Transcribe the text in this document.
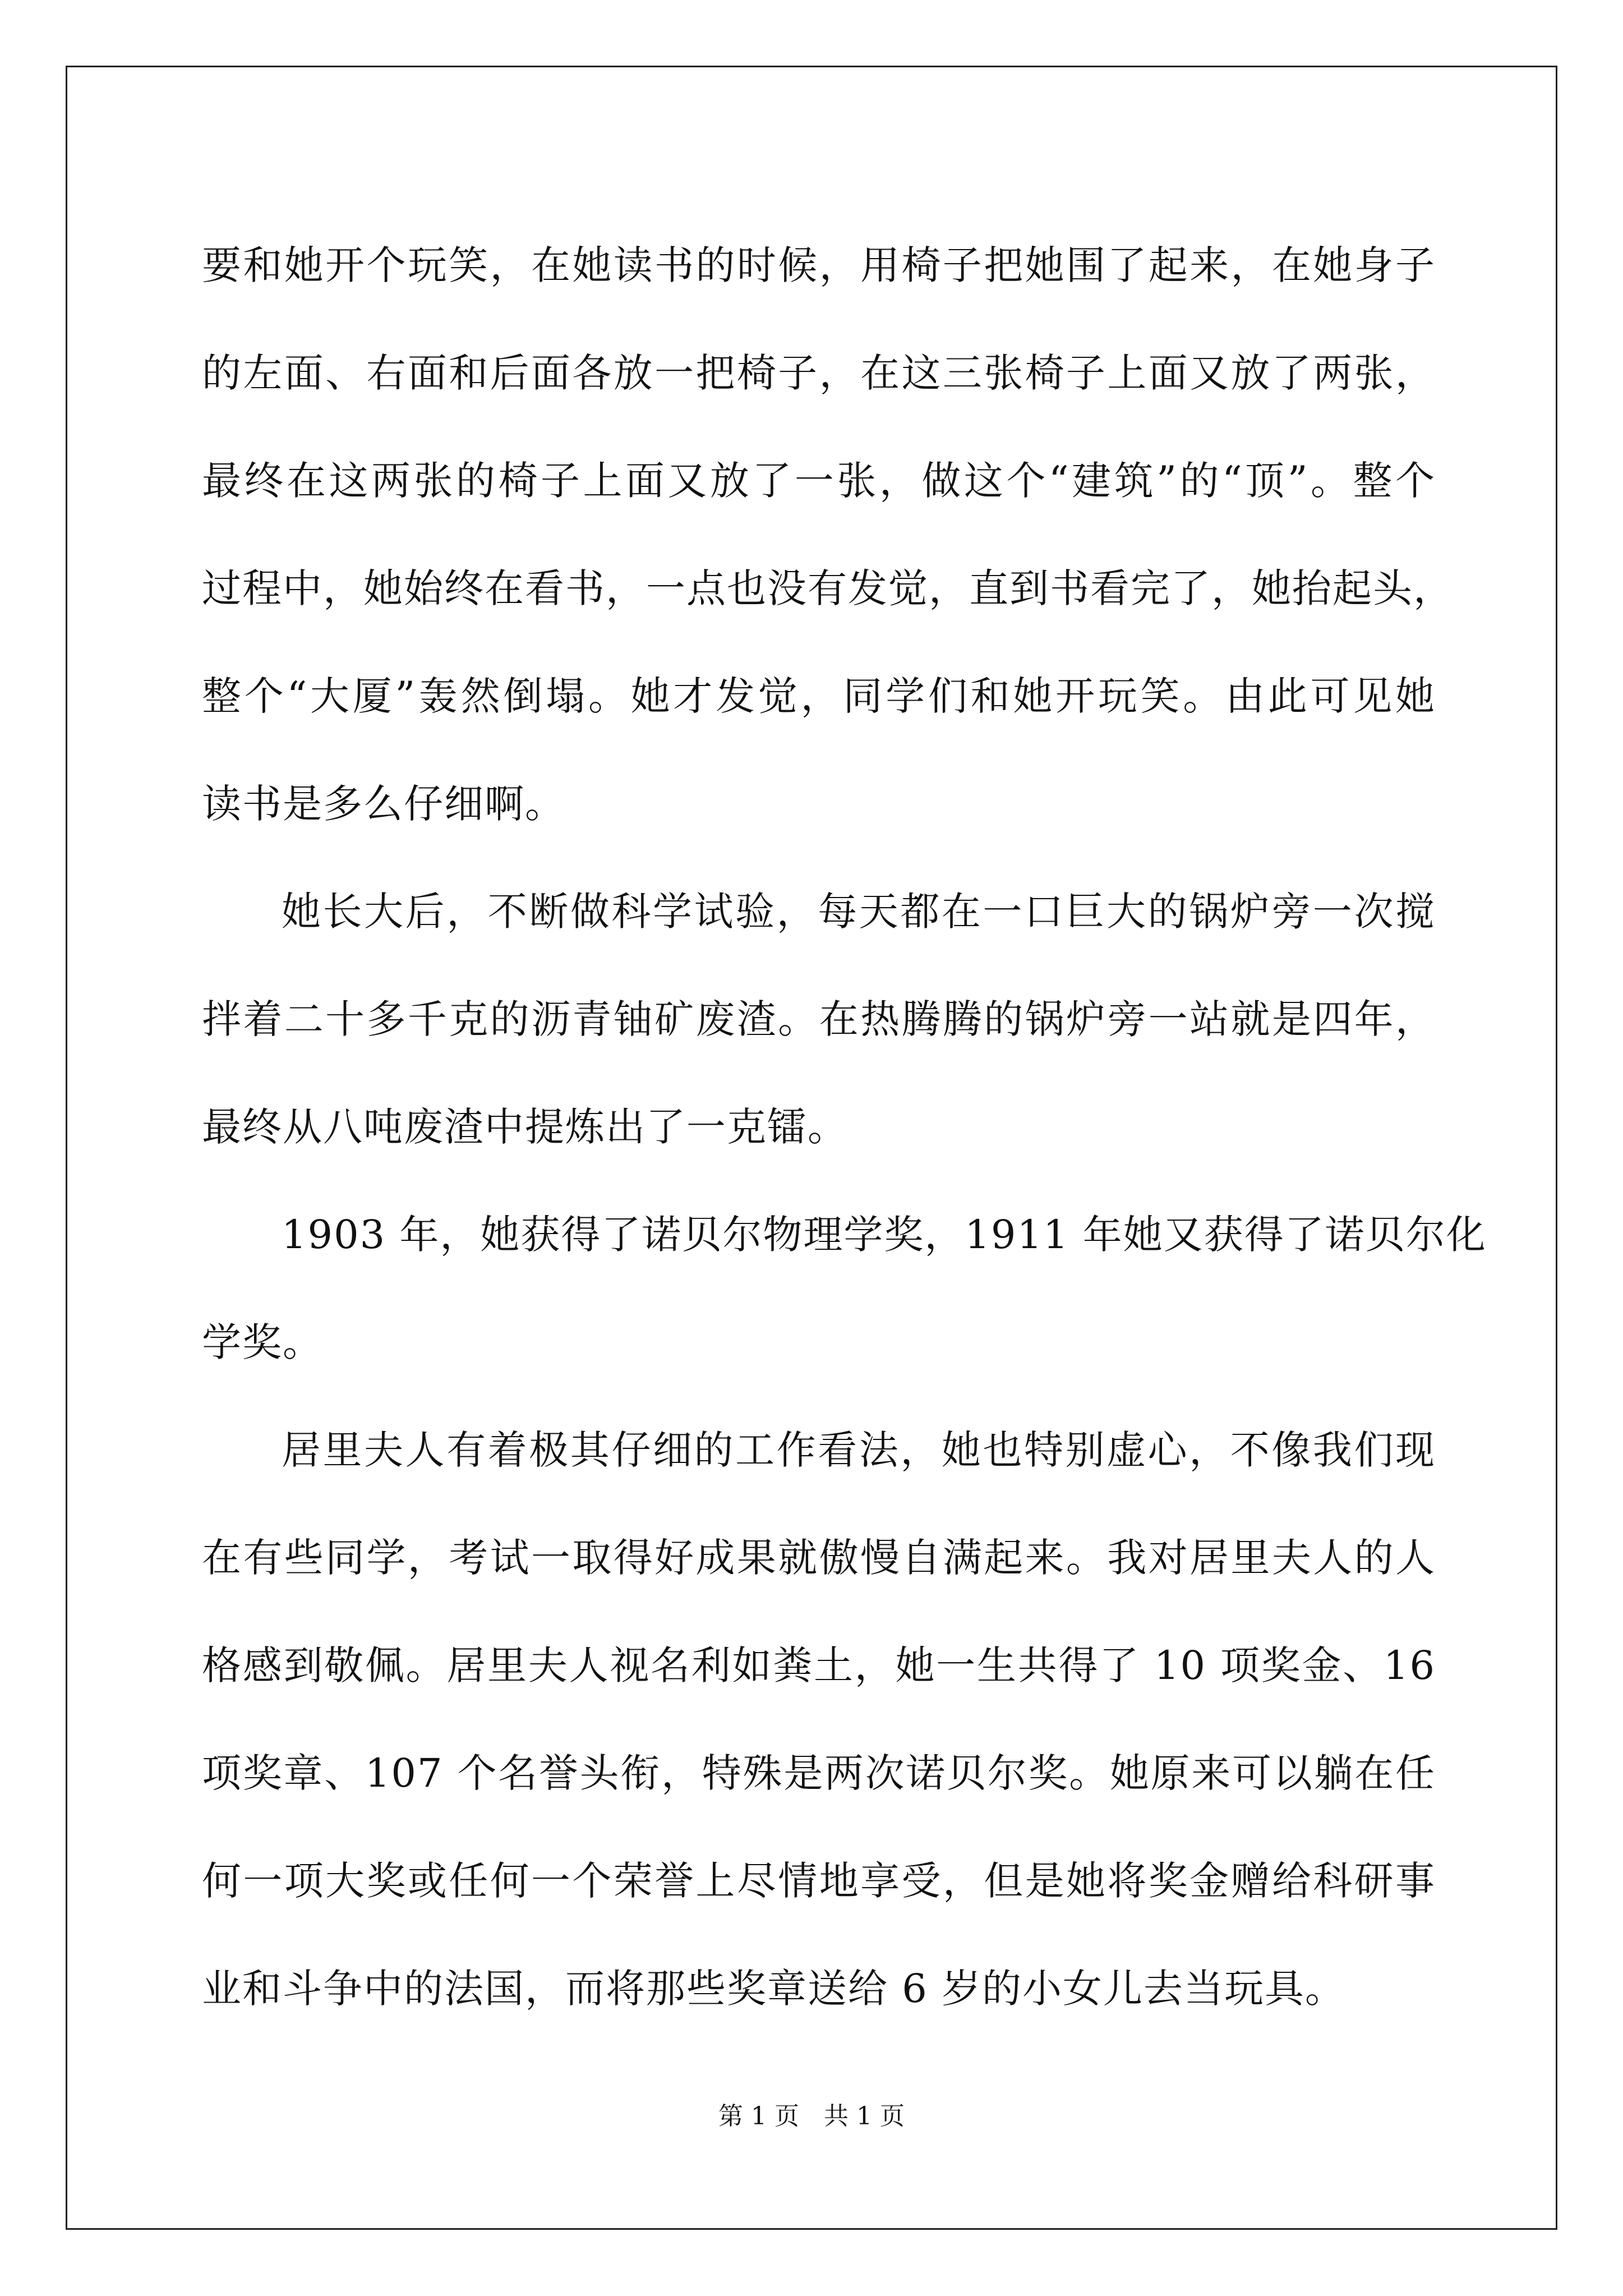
要和她开个玩笑，在她读书的时候，用椅子把她围了起来，在她身子
的左面、右面和后面各放一把椅子，在这三张椅子上面又放了两张，
最终在这两张的椅子上面又放了一张，做这个“建筑”的“顶”。整个
过程中，她始终在看书，一点也没有发觉，直到书看完了，她抬起头，
整个“大厦”轰然倒塌。她才发觉，同学们和她开玩笑。由此可见她
读书是多么仔细啊。
她长大后，不断做科学试验，每天都在一口巨大的锅炉旁一次搅
拌着二十多千克的沥青铀矿废渣。在热腾腾的锅炉旁一站就是四年，
最终从八吨废渣中提炼出了一克镭。
1903 年，她获得了诺贝尔物理学奖，1911 年她又获得了诺贝尔化
学奖。
居里夫人有着极其仔细的工作看法，她也特别虚心，不像我们现
在有些同学，考试一取得好成果就傲慢自满起来。我对居里夫人的人
格感到敬佩。居里夫人视名利如粪土，她一生共得了 10 项奖金、16
项奖章、107 个名誉头衔，特殊是两次诺贝尔奖。她原来可以躺在任
何一项大奖或任何一个荣誉上尽情地享受，但是她将奖金赠给科研事
业和斗争中的法国，而将那些奖章送给 6 岁的小女儿去当玩具。
第 1 页　共 1 页
